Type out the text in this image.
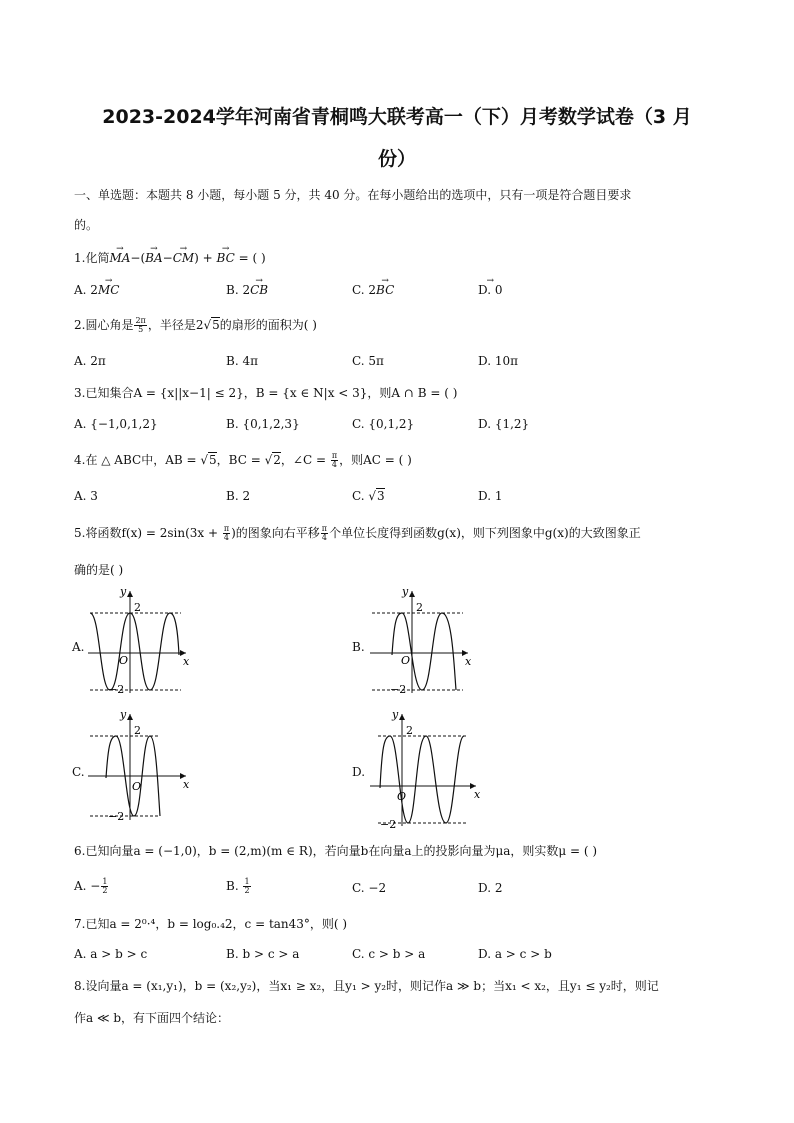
2023-2024学年河南省青桐鸣大联考高一（下）月考数学试卷（3 月
份）
一、单选题：本题共 8 小题，每小题 5 分，共 40 分。在每小题给出的选项中，只有一项是符合题目要求
的。
1.化简→ MA−(→ BA−→ CM) + → BC = ( )
A. 2→ MC	B. 2→ CB	C. 2→ BC
→	D. 0
2.圆心角是 $\frac{2\pi}{5}$ ，半径是2√5的扇形的面积为( )
A. 2π	B. 4π	C. 5π	D. 10π
3.已知集合A = {x||x−1| ≤ 2}，B = {x ∈ N|x < 3}，则A ∩ B = ( )
A. {−1,0,1,2}	B. {0,1,2,3}	C. {0,1,2}	D. {1,2}
4.在 △ ABC中，AB = √5，BC = √2，∠C = $\frac{\pi}{4}$ ，则AC = ( )
A. 3	B. 2	C. √3	D. 1
5.将函数$f(x) = 2\sin(3x + \frac{\pi}{4}$ )的图象向右平移 $\frac{\pi}{4}$ 个单位长度得到函数g(x)，则下列图象中g(x)的大致图象正
确的是( )
A.	B.
C.	D.
y
2
O	x
−2
y
2
O	x
−2
y
2
O	x
−2
y
2
O	x
−2
6.已知向量a = (−1,0)，b = (2,m)(m ∈ R)，若向量b在向量a上的投影向量为μa，则实数μ = ( )
A. − $\frac{1}{2}$	B. $\frac{1}{2}$	C. −2	D. 2
7.已知a = 2⁰·⁴，b = log₀.₄2，c = tan43°，则( )
A. a > b > c	B. b > c > a	C. c > b > a	D. a > c > b
8.设向量a = (x₁,y₁)，b = (x₂,y₂)，当x₁ ≥ x₂，且y₁ > y₂时，则记作a ≫ b；当x₁ < x₂，且y₁ ≤ y₂时，则记
作a ≪ b，有下面四个结论：
